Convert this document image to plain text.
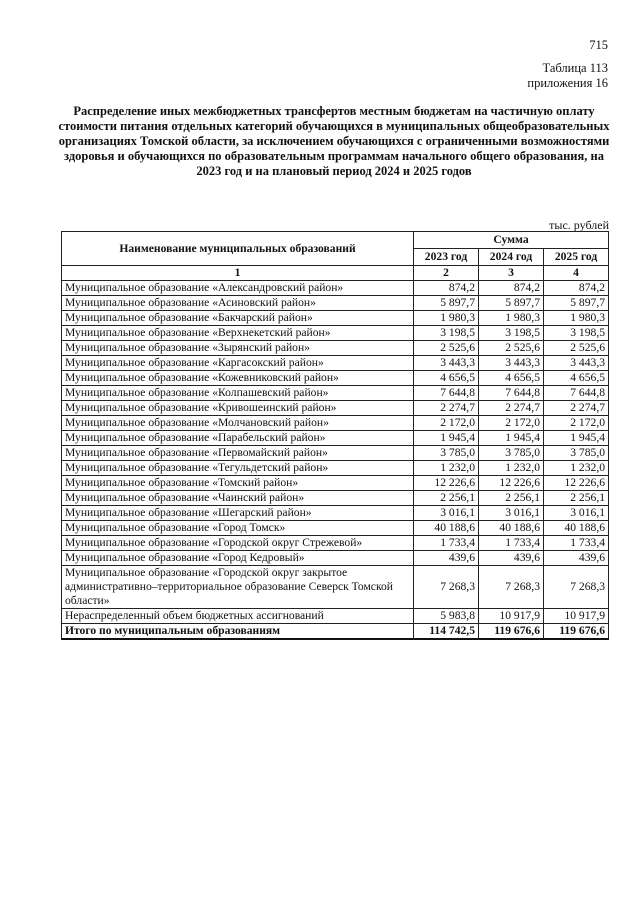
715
Таблица 113
приложения 16
Распределение иных межбюджетных трансфертов местным бюджетам на частичную оплату стоимости питания отдельных категорий обучающихся в муниципальных общеобразовательных организациях Томской области, за исключением обучающихся с ограниченными возможностями здоровья и обучающихся по образовательным программам начального общего образования, на 2023 год и на плановый период 2024 и 2025 годов
тыс. рублей
Наименование муниципальных образований	Сумма		
	2023 год	2024 год	2025 год
1	2	3	4
Муниципальное образование «Александровский район»	874,2	874,2	874,2
Муниципальное образование «Асиновский район»	5 897,7	5 897,7	5 897,7
Муниципальное образование «Бакчарский район»	1 980,3	1 980,3	1 980,3
Муниципальное образование «Верхнекетский район»	3 198,5	3 198,5	3 198,5
Муниципальное образование «Зырянский район»	2 525,6	2 525,6	2 525,6
Муниципальное образование «Каргасокский район»	3 443,3	3 443,3	3 443,3
Муниципальное образование «Кожевниковский район»	4 656,5	4 656,5	4 656,5
Муниципальное образование «Колпашевский район»	7 644,8	7 644,8	7 644,8
Муниципальное образование «Кривошеинский район»	2 274,7	2 274,7	2 274,7
Муниципальное образование «Молчановский район»	2 172,0	2 172,0	2 172,0
Муниципальное образование «Парабельский район»	1 945,4	1 945,4	1 945,4
Муниципальное образование «Первомайский район»	3 785,0	3 785,0	3 785,0
Муниципальное образование «Тегульдетский район»	1 232,0	1 232,0	1 232,0
Муниципальное образование «Томский район»	12 226,6	12 226,6	12 226,6
Муниципальное образование «Чаинский район»	2 256,1	2 256,1	2 256,1
Муниципальное образование «Шегарский район»	3 016,1	3 016,1	3 016,1
Муниципальное образование «Город Томск»	40 188,6	40 188,6	40 188,6
Муниципальное образование «Городской округ Стрежевой»	1 733,4	1 733,4	1 733,4
Муниципальное образование «Город Кедровый»	439,6	439,6	439,6
Муниципальное образование «Городской округ закрытое административно–территориальное образование Северск Томской области»	7 268,3	7 268,3	7 268,3
Нераспределенный объем бюджетных ассигнований	5 983,8	10 917,9	10 917,9
Итого по муниципальным образованиям	114 742,5	119 676,6	119 676,6
